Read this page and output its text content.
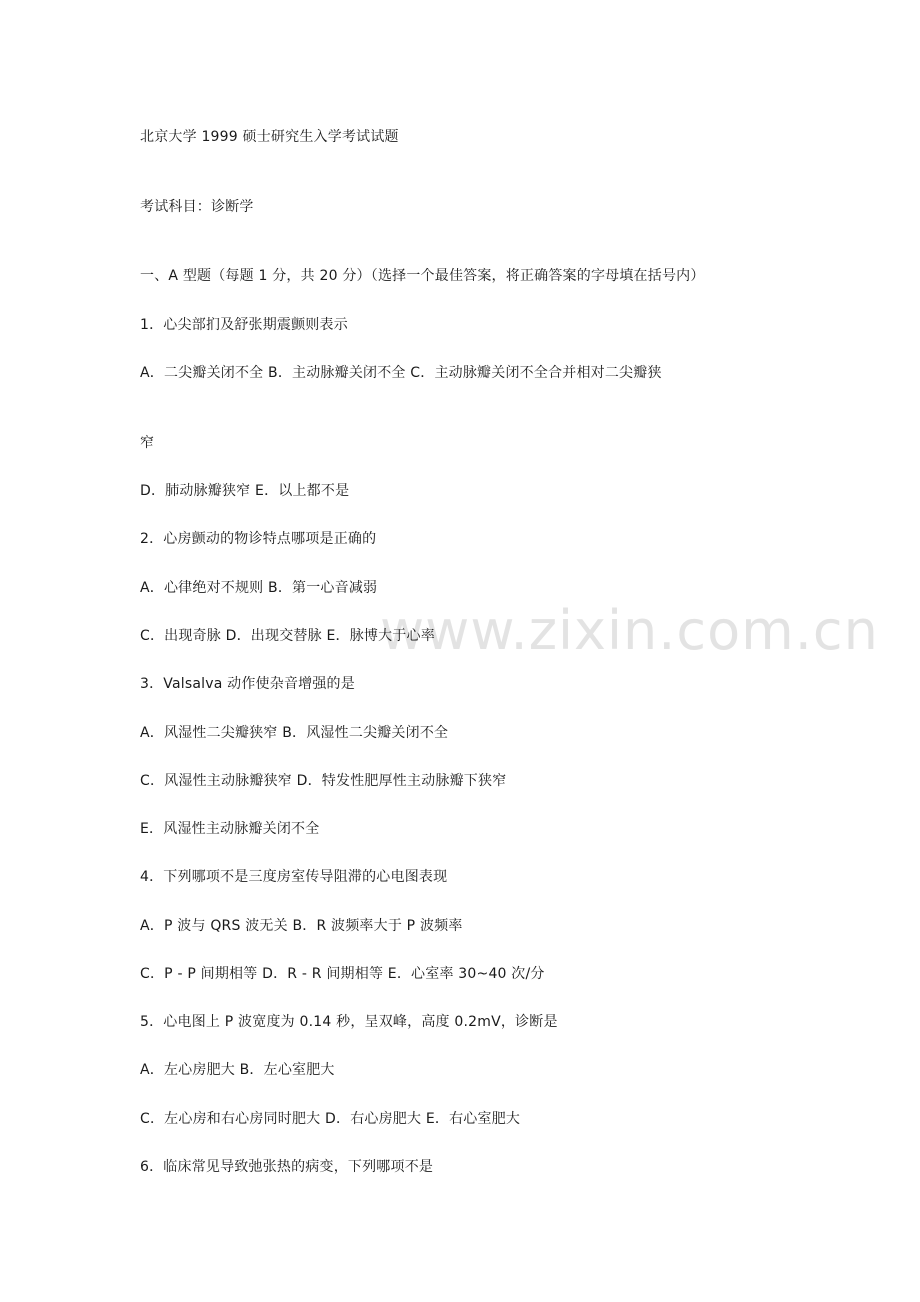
www.zixin.com.cn
北京大学 1999 硕士研究生入学考试试题
考试科目：诊断学
一、A 型题（每题 1 分，共 20 分）（选择一个最佳答案，将正确答案的字母填在括号内）
1．心尖部扪及舒张期震颤则表示
A．二尖瓣关闭不全 B．主动脉瓣关闭不全 C．主动脉瓣关闭不全合并相对二尖瓣狭
窄
D．肺动脉瓣狭窄 E．以上都不是
2．心房颤动的物诊特点哪项是正确的
A．心律绝对不规则 B．第一心音减弱
C．出现奇脉 D．出现交替脉 E．脉博大于心率
3．Valsalva 动作使杂音增强的是
A．风湿性二尖瓣狭窄 B．风湿性二尖瓣关闭不全
C．风湿性主动脉瓣狭窄 D．特发性肥厚性主动脉瓣下狭窄
E．风湿性主动脉瓣关闭不全
4．下列哪项不是三度房室传导阻滞的心电图表现
A．P 波与 QRS 波无关 B．R 波频率大于 P 波频率
C．P - P 间期相等 D．R - R 间期相等 E．心室率 30~40 次/分
5．心电图上 P 波宽度为 0.14 秒，呈双峰，高度 0.2mV，诊断是
A．左心房肥大 B．左心室肥大
C．左心房和右心房同时肥大 D．右心房肥大 E．右心室肥大
6．临床常见导致弛张热的病变，下列哪项不是
